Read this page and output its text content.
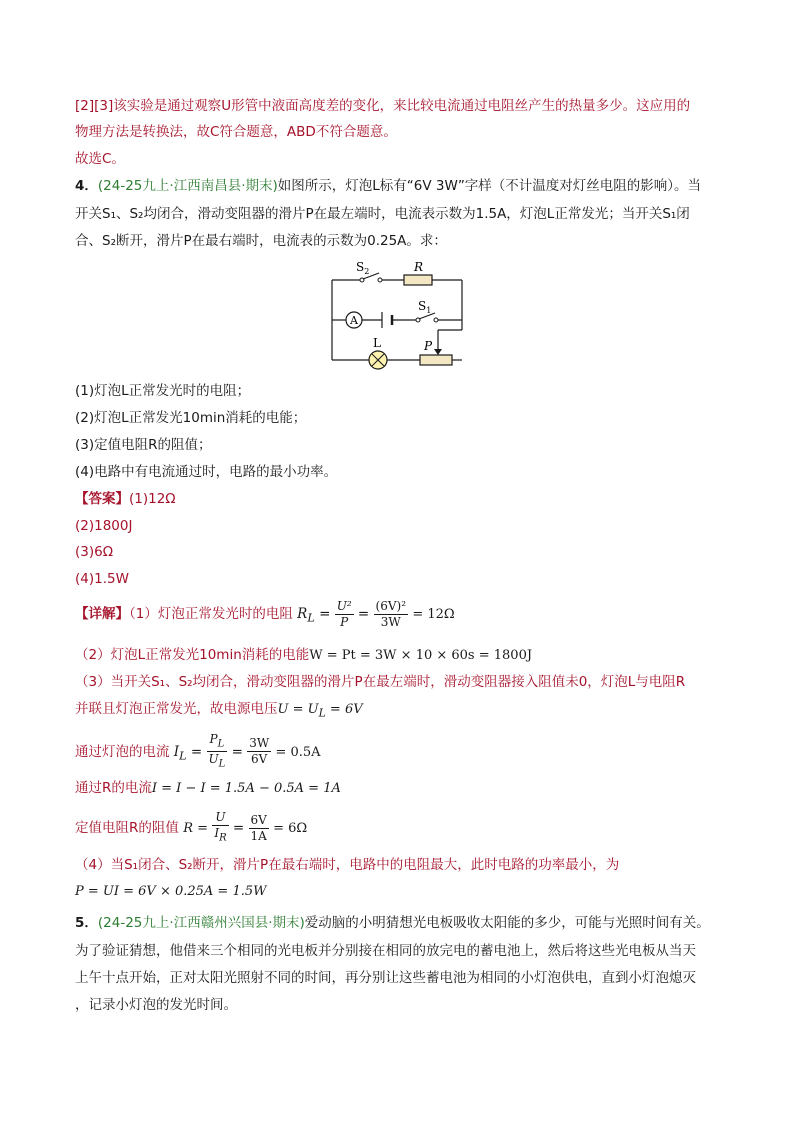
[2][3]该实验是通过观察U形管中液面高度差的变化，来比较电流通过电阻丝产生的热量多少。这应用的
物理方法是转换法，故C符合题意，ABD不符合题意。
故选C。
4．(24-25九上·江西南昌县·期末)如图所示，灯泡L标有“6V 3W”字样（不计温度对灯丝电阻的影响）。当
开关S₁、S₂均闭合，滑动变阻器的滑片P在最左端时，电流表示数为1.5A，灯泡L正常发光；当开关S₁闭
合、S₂断开，滑片P在最右端时，电流表的示数为0.25A。求：
$S_2$	R
A
$S_1$
L	P
(1)灯泡L正常发光时的电阻；
(2)灯泡L正常发光10min消耗的电能；
(3)定值电阻R的阻值；
(4)电路中有电流通过时，电路的最小功率。
【答案】(1)12Ω
(2)1800J
(3)6Ω
(4)1.5W
【详解】（1）灯泡正常发光时的电阻 $R_L = \frac{\text{U²}}{P} = \frac{\text{(6V)²}}{3W} = 12\Omega$
（2）灯泡L正常发光10min消耗的电能W = Pt = 3W × 10 × 60s = 1800J
（3）当开关S₁、S₂均闭合，滑动变阻器的滑片P在最左端时，滑动变阻器接入阻值未0，灯泡L与电阻R
并联且灯泡正常发光，故电源电压$U = U_L = 6V$
通过灯泡的电流 $I_L = \frac{P_L}{U_L} = \frac{3W}{6V} = 0.5A$
通过R的电流I = I − I = 1.5A − 0.5A = 1A
定值电阻R的阻值 $R = \frac{U}{I_R} = \frac{6V}{1A} = 6\Omega$
（4）当S₁闭合、S₂断开，滑片P在最右端时，电路中的电阻最大，此时电路的功率最小，为
P = UI = 6V × 0.25A = 1.5W
5．(24-25九上·江西赣州兴国县·期末)爱动脑的小明猜想光电板吸收太阳能的多少，可能与光照时间有关。
为了验证猜想，他借来三个相同的光电板并分别接在相同的放完电的蓄电池上，然后将这些光电板从当天
上午十点开始，正对太阳光照射不同的时间，再分别让这些蓄电池为相同的小灯泡供电，直到小灯泡熄灭
，记录小灯泡的发光时间。
